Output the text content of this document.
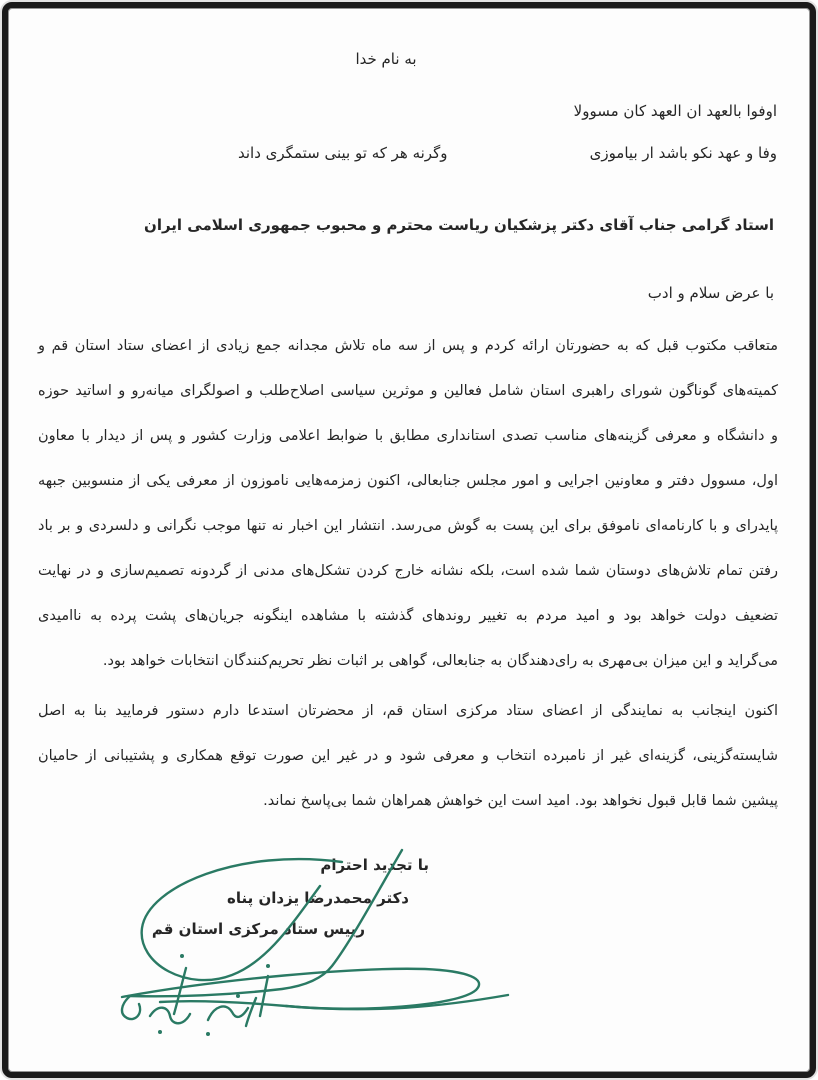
به نام خدا
اوفوا بالعهد ان العهد كان مسوولا
وفا و عهد نکو باشد ار بیاموزی
وگرنه هر که تو بینی ستمگری داند
استاد گرامی جناب آقای دکتر پزشکیان ریاست محترم و محبوب جمهوری اسلامی ایران
با عرض سلام و ادب
متعاقب مکتوب قبل که به حضورتان ارائه کردم و پس از سه ماه تلاش مجدانه جمع زیادی از اعضای ستاد استان قم و
کمیته‌های گوناگون شورای راهبری استان شامل فعالین و موثرین سیاسی اصلاح‌طلب و اصولگرای میانه‌رو و اساتید حوزه
و دانشگاه و معرفی گزینه‌های مناسب تصدی استانداری مطابق با ضوابط اعلامی وزارت کشور و پس از دیدار با معاون
اول، مسوول دفتر و معاونین اجرایی و امور مجلس جنابعالی، اکنون زمزمه‌هایی ناموزون از معرفی یکی از منسوبین جبهه
پایدرای و با کارنامه‌ای ناموفق برای این پست به گوش می‌رسد. انتشار این اخبار نه تنها موجب نگرانی و دلسردی و بر باد
رفتن تمام تلاش‌های دوستان شما شده است، بلکه نشانه خارج کردن تشکل‌های مدنی از گردونه تصمیم‌سازی و در نهایت
تضعیف دولت خواهد بود و امید مردم به تغییر روندهای گذشته با مشاهده اینگونه جریان‌های پشت پرده به ناامیدی
می‌گراید و این میزان بی‌مهری به رای‌دهندگان به جنابعالی، گواهی بر اثبات نظر تحریم‌کنندگان انتخابات خواهد بود.
اکنون اینجانب به نمایندگی از اعضای ستاد مرکزی استان قم، از محضرتان استدعا دارم دستور فرمایید بنا به اصل
شایسته‌گزینی، گزینه‌ای غیر از نامبرده انتخاب و معرفی شود و در غیر این صورت توقع همکاری و پشتیبانی از حامیان
پیشین شما قابل قبول نخواهد بود. امید است این خواهش همراهان شما بی‌پاسخ نماند.
با تجدید احترام
دکتر محمدرضا یزدان پناه
رییس ستاد مرکزی استان قم
